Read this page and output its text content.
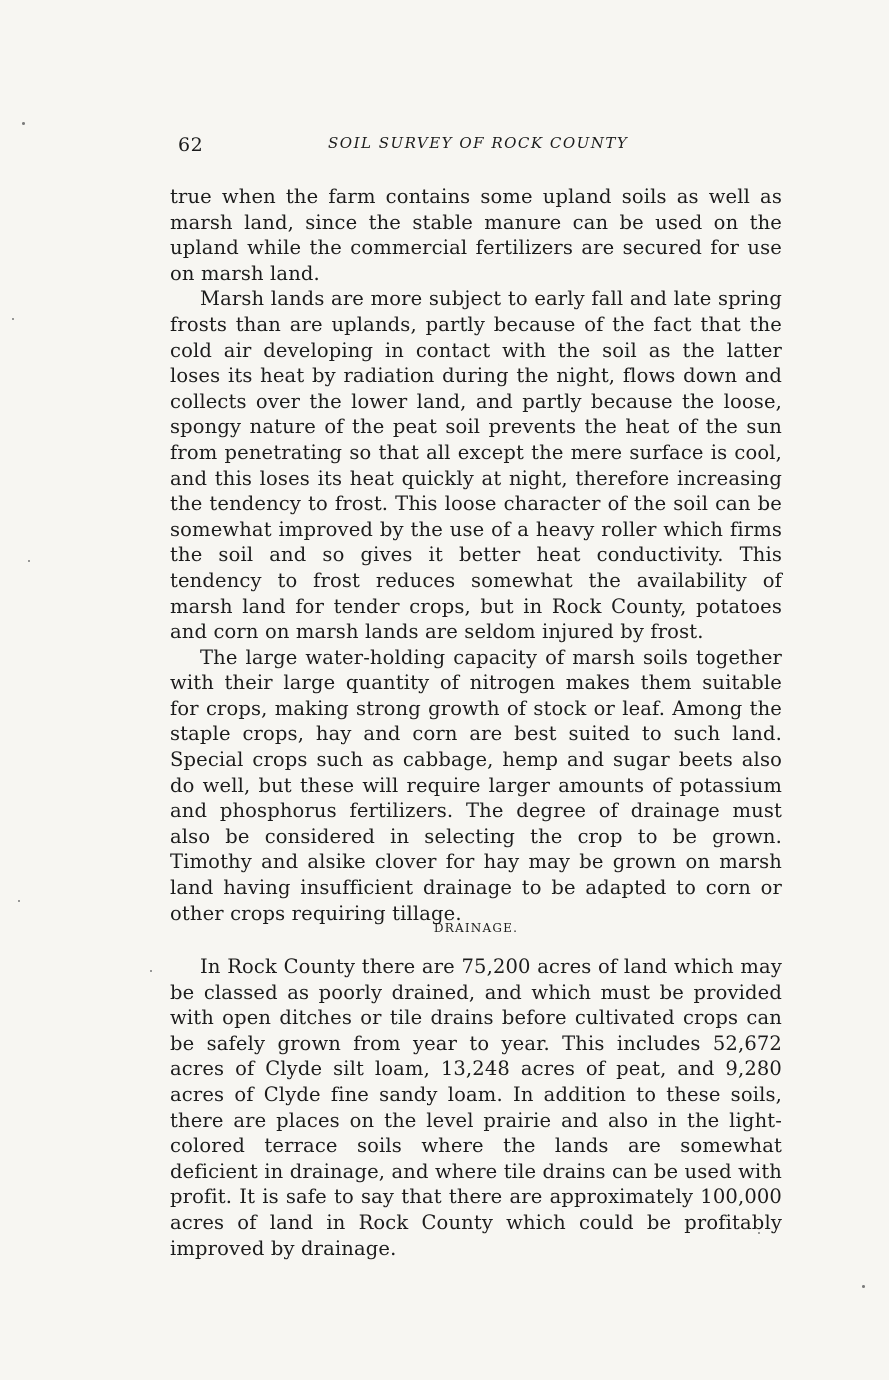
62	SOIL SURVEY OF ROCK COUNTY

true when the farm contains some upland soils as well as marsh land, since the stable manure can be used on the upland while the commercial fertilizers are secured for use on marsh land.

Marsh lands are more subject to early fall and late spring frosts than are uplands, partly because of the fact that the cold air developing in contact with the soil as the latter loses its heat by radiation during the night, flows down and collects over the lower land, and partly because the loose, spongy nature of the peat soil prevents the heat of the sun from penetrating so that all except the mere surface is cool, and this loses its heat quickly at night, therefore increasing the tendency to frost. This loose character of the soil can be somewhat improved by the use of a heavy roller which firms the soil and so gives it better heat conductivity. This tendency to frost reduces somewhat the availability of marsh land for tender crops, but in Rock County, potatoes and corn on marsh lands are seldom injured by frost.

The large water-holding capacity of marsh soils together with their large quantity of nitrogen makes them suitable for crops, making strong growth of stock or leaf. Among the staple crops, hay and corn are best suited to such land. Special crops such as cabbage, hemp and sugar beets also do well, but these will require larger amounts of potassium and phosphorus fertilizers. The degree of drainage must also be considered in selecting the crop to be grown. Timothy and alsike clover for hay may be grown on marsh land having insufficient drainage to be adapted to corn or other crops requiring tillage.

DRAINAGE.

In Rock County there are 75,200 acres of land which may be classed as poorly drained, and which must be provided with open ditches or tile drains before cultivated crops can be safely grown from year to year. This includes 52,672 acres of Clyde silt loam, 13,248 acres of peat, and 9,280 acres of Clyde fine sandy loam. In addition to these soils, there are places on the level prairie and also in the light-colored terrace soils where the lands are somewhat deficient in drainage, and where tile drains can be used with profit. It is safe to say that there are approximately 100,000 acres of land in Rock County which could be profitably improved by drainage.
